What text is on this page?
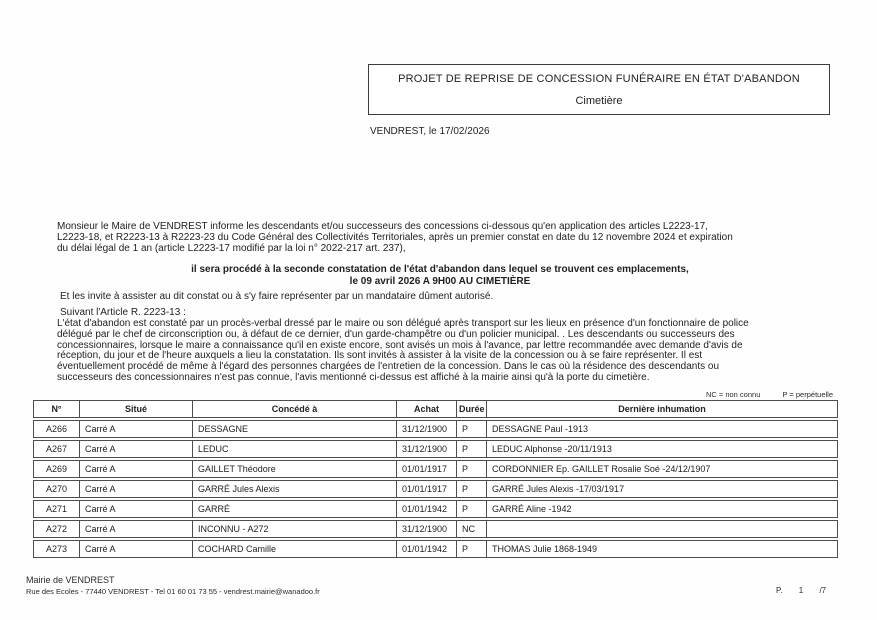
PROJET DE REPRISE DE CONCESSION FUNÉRAIRE EN ÉTAT D'ABANDON
Cimetière
VENDREST, le 17/02/2026
Monsieur le Maire de VENDREST informe les descendants et/ou successeurs des concessions ci-dessous qu'en application des articles L2223-17,
L2223-18, et R2223-13 à R2223-23 du Code Général des Collectivités Territoriales, après un premier constat en date du 12 novembre 2024 et expiration
du délai légal de 1 an (article L2223-17 modifié par la loi n° 2022-217 art. 237),
il sera procédé à la seconde constatation de l'état d'abandon dans lequel se trouvent ces emplacements,
le 09 avril 2026 A 9H00 AU CIMETIÈRE
Et les invite à assister au dit constat ou à s'y faire représenter par un mandataire dûment autorisé.
Suivant l'Article R. 2223-13 :
L'état d'abandon est constaté par un procès-verbal dressé par le maire ou son délégué après transport sur les lieux en présence d'un fonctionnaire de police
délégué par le chef de circonscription ou, à défaut de ce dernier, d'un garde-champêtre ou d'un policier municipal. . Les descendants ou successeurs des
concessionnaires, lorsque le maire a connaissance qu'il en existe encore, sont avisés un mois à l'avance, par lettre recommandée avec demande d'avis de
réception, du jour et de l'heure auxquels a lieu la constatation. Ils sont invités à assister à la visite de la concession ou à se faire représenter. Il est
éventuellement procédé de même à l'égard des personnes chargées de l'entretien de la concession. Dans le cas où la résidence des descendants ou
successeurs des concessionnaires n'est pas connue, l'avis mentionné ci-dessus est affiché à la mairie ainsi qu'à la porte du cimetière.
NC = non connu	P = perpétuelle
N°	Situé	Concédé à	Achat	Durée	Dernière inhumation
A266	Carré A	DESSAGNE	31/12/1900	P	DESSAGNE Paul -1913
A267	Carré A	LEDUC	31/12/1900	P	LEDUC Alphonse -20/11/1913
A269	Carré A	GAILLET Théodore	01/01/1917	P	CORDONNIER Ep. GAILLET Rosalie Soé -24/12/1907
A270	Carré A	GARRÉ Jules Alexis	01/01/1917	P	GARRÉ Jules Alexis -17/03/1917
A271	Carré A	GARRÉ	01/01/1942	P	GARRÉ Aline -1942
A272	Carré A	INCONNU - A272	31/12/1900	NC	
A273	Carré A	COCHARD Camille	01/01/1942	P	THOMAS Julie 1868-1949
Mairie de VENDREST
Rue des Ecoles - 77440 VENDREST - Tel 01 60 01 73 55 - vendrest.mairie@wanadoo.fr	P. 1 /7
